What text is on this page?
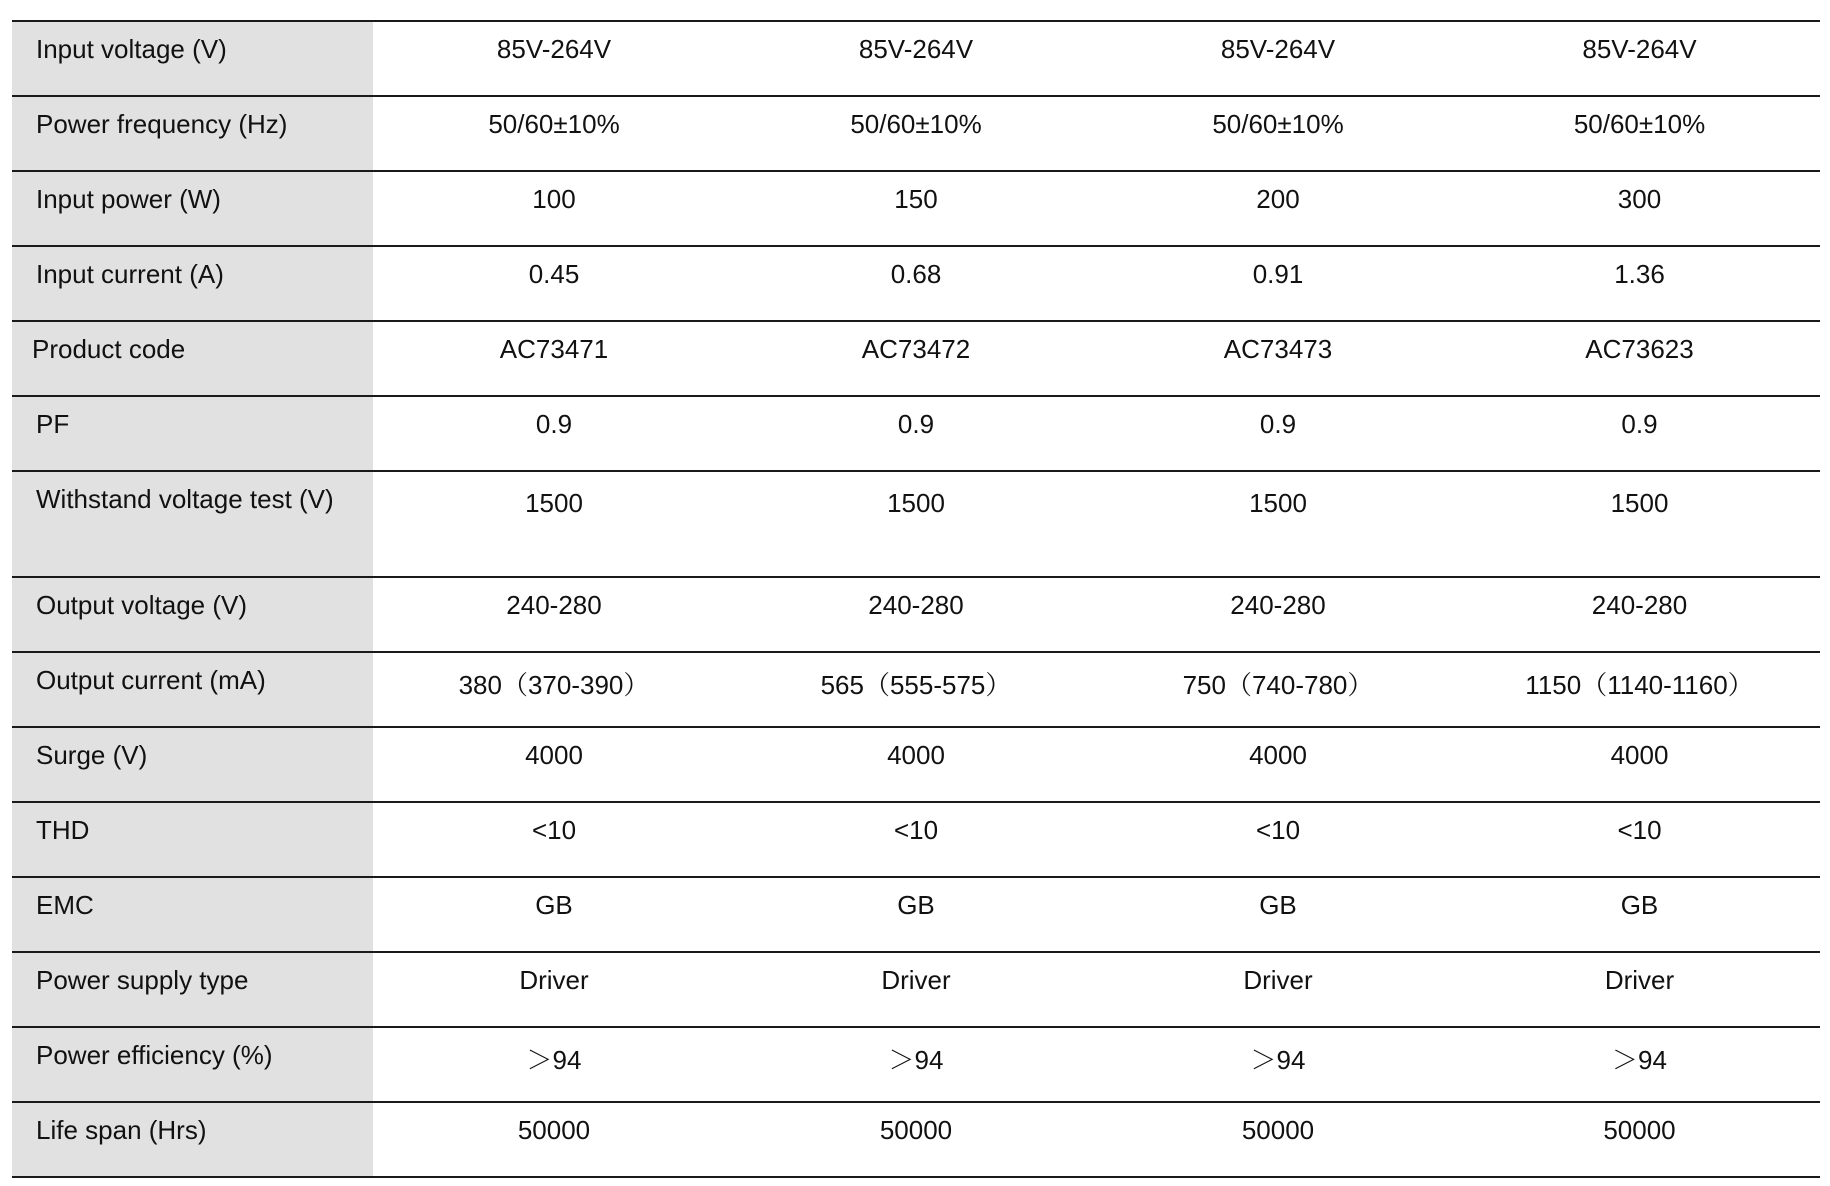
Input voltage (V)	85V-264V	85V-264V	85V-264V	85V-264V
Power frequency (Hz)	50/60±10%	50/60±10%	50/60±10%	50/60±10%
Input power (W)	100	150	200	300
Input current (A)	0.45	0.68	0.91	1.36
Product code	AC73471	AC73472	AC73473	AC73623
PF	0.9	0.9	0.9	0.9
Withstand voltage test (V)	1500	1500	1500	1500
Output voltage (V)	240-280	240-280	240-280	240-280
Output current (mA)	380（370-390）	565（555-575）	750（740-780）	1150（1140-1160）
Surge (V)	4000	4000	4000	4000
THD	<10	<10	<10	<10
EMC	GB	GB	GB	GB
Power supply type	Driver	Driver	Driver	Driver
Power efficiency (%)	＞94	＞94	＞94	＞94
Life span (Hrs)	50000	50000	50000	50000
